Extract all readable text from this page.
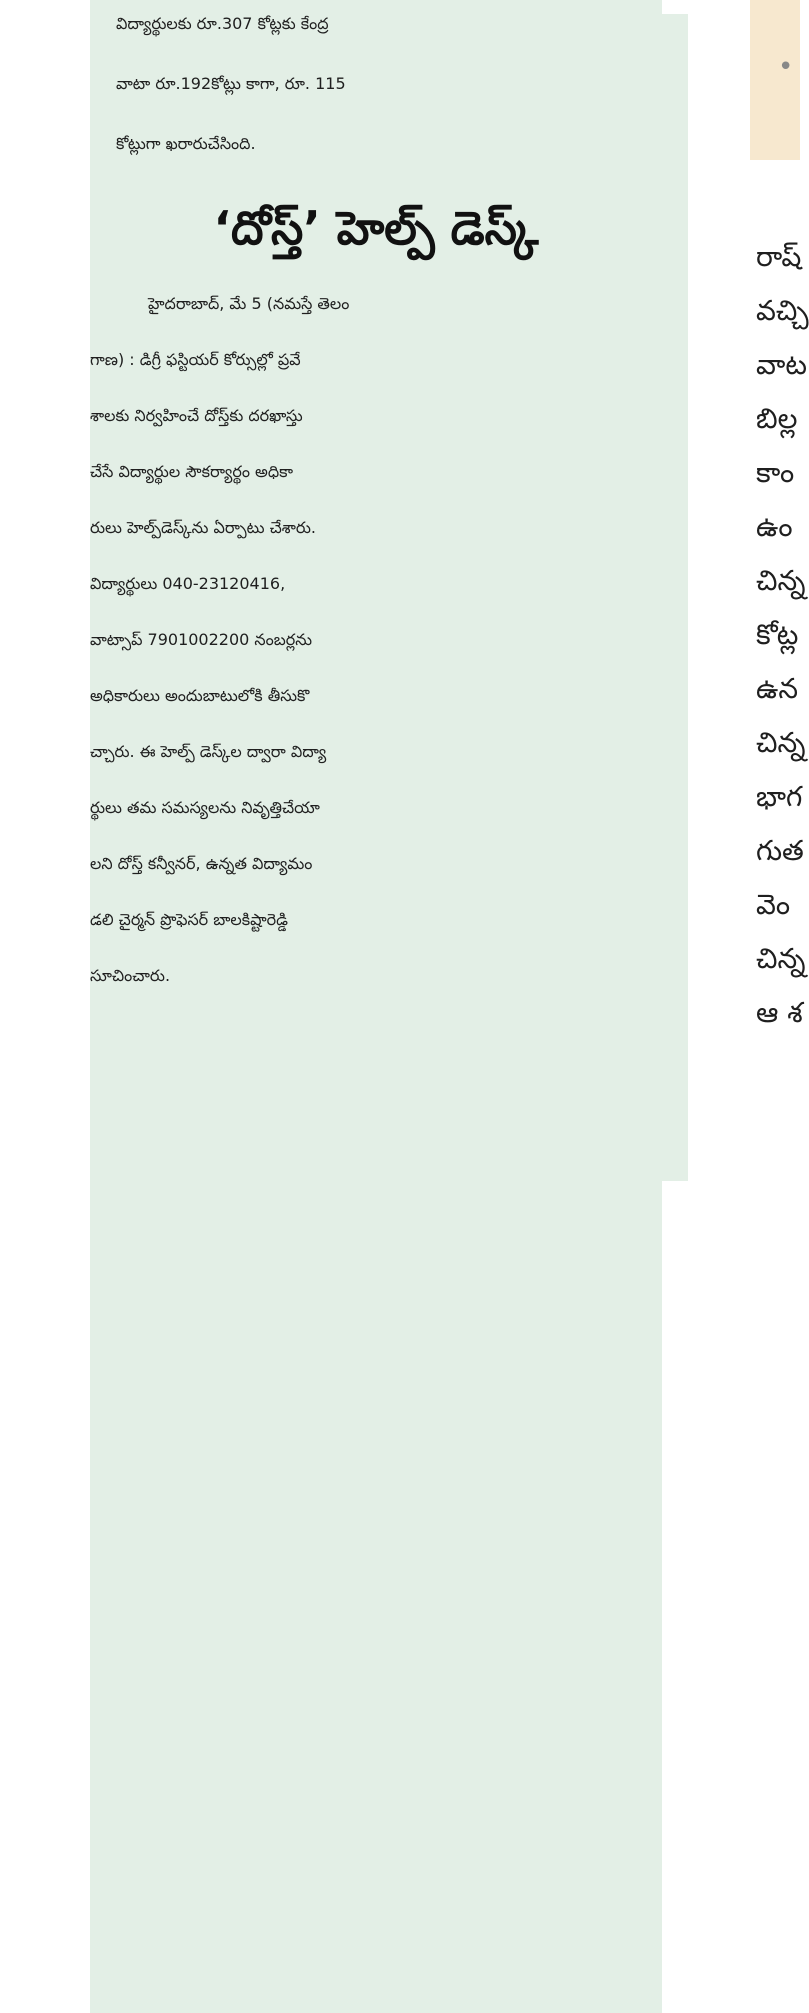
విద్యార్థులకు రూ.307 కోట్లకు కేంద్ర
వాటా రూ.192కోట్లు కాగా, రూ. 115
కోట్లుగా ఖరారుచేసింది.
‘దోస్త్‌’ హెల్ప్‌ డెస్క్‌
హైదరాబాద్‌, మే 5 (నమస్తే తెలం
గాణ) : డిగ్రీ ఫస్టియర్‌ కోర్సుల్లో ప్రవే
శాలకు నిర్వహించే దోస్త్‌కు దరఖాస్తు
చేసే విద్యార్థుల సౌకర్యార్థం అధికా
రులు హెల్ప్‌డెస్క్‌ను ఏర్పాటు చేశారు.
విద్యార్థులు 040-23120416,
వాట్సాప్‌ 7901002200 నంబర్లను
అధికారులు అందుబాటులోకి తీసుకొ
చ్చారు. ఈ హెల్ప్‌ డెస్క్‌ల ద్వారా విద్యా
ర్థులు తమ సమస్యలను నివృత్తిచేయా
లని దోస్త్‌ కన్వీనర్‌, ఉన్నత విద్యామం
డలి చైర్మన్‌ ప్రొఫెసర్‌ బాలకిష్టారెడ్డి
సూచించారు.
•
రాష్
వచ్చి
వాట
బిల్ల
కాం
ఉం
చిన్న
కోట్ల
ఉన
చిన్న
భాగ
గుత
వెం
చిన్న
ఆ శ
